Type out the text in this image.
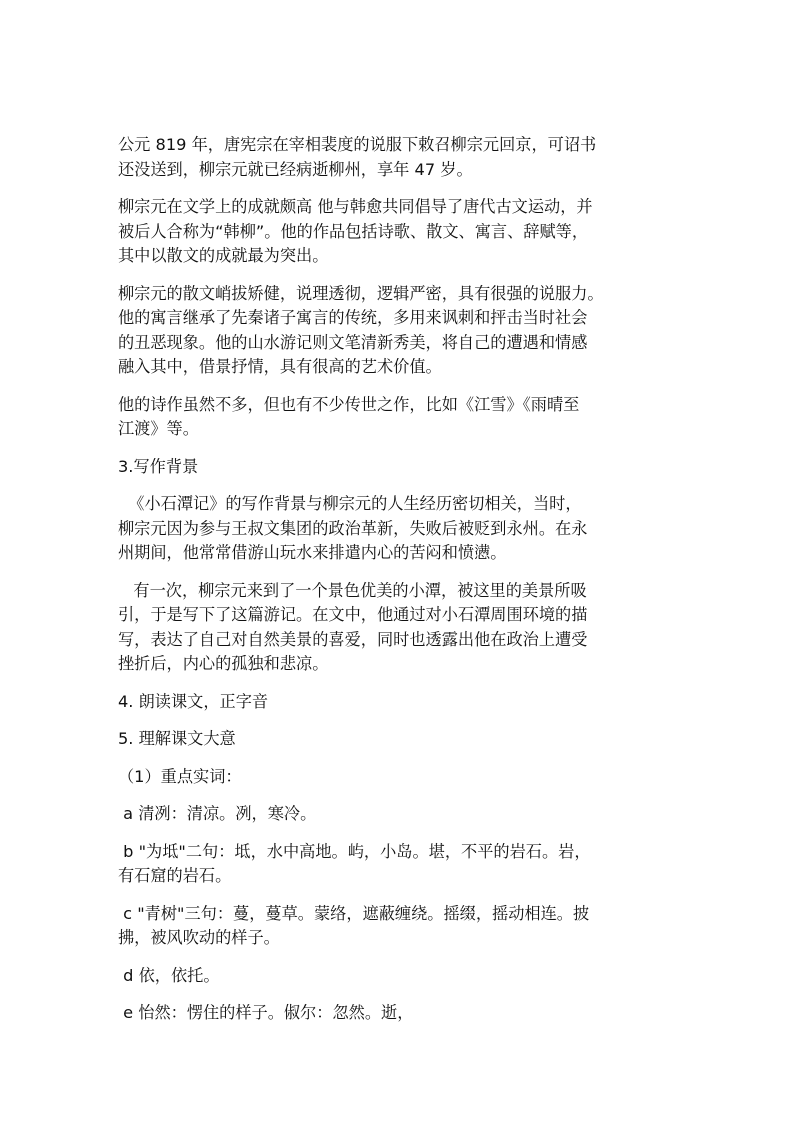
公元 819 年，唐宪宗在宰相裴度的说服下敕召柳宗元回京，可诏书
还没送到，柳宗元就已经病逝柳州，享年 47 岁。

柳宗元在文学上的成就颇高 他与韩愈共同倡导了唐代古文运动，并
被后人合称为“韩柳”。他的作品包括诗歌、散文、寓言、辞赋等，
其中以散文的成就最为突出。

柳宗元的散文峭拔矫健，说理透彻，逻辑严密，具有很强的说服力。
他的寓言继承了先秦诸子寓言的传统，多用来讽刺和抨击当时社会
的丑恶现象。他的山水游记则文笔清新秀美，将自己的遭遇和情感
融入其中，借景抒情，具有很高的艺术价值。

他的诗作虽然不多，但也有不少传世之作，比如《江雪》《雨晴至
江渡》等。

3.写作背景

《小石潭记》的写作背景与柳宗元的人生经历密切相关，当时，
柳宗元因为参与王叔文集团的政治革新，失败后被贬到永州。在永
州期间，他常常借游山玩水来排遣内心的苦闷和愤懑。

有一次，柳宗元来到了一个景色优美的小潭，被这里的美景所吸
引，于是写下了这篇游记。在文中，他通过对小石潭周围环境的描
写，表达了自己对自然美景的喜爱，同时也透露出他在政治上遭受
挫折后，内心的孤独和悲凉。

4. 朗读课文，正字音

5. 理解课文大意

（1）重点实词：

a 清冽：清凉。冽，寒冷。

b "为坻"二句：坻，水中高地。屿，小岛。堪，不平的岩石。岩，
有石窟的岩石。

c "青树"三句：蔓，蔓草。蒙络，遮蔽缠绕。摇缀，摇动相连。披
拂，被风吹动的样子。

d 依，依托。

e 怡然：愣住的样子。俶尔：忽然。逝，
